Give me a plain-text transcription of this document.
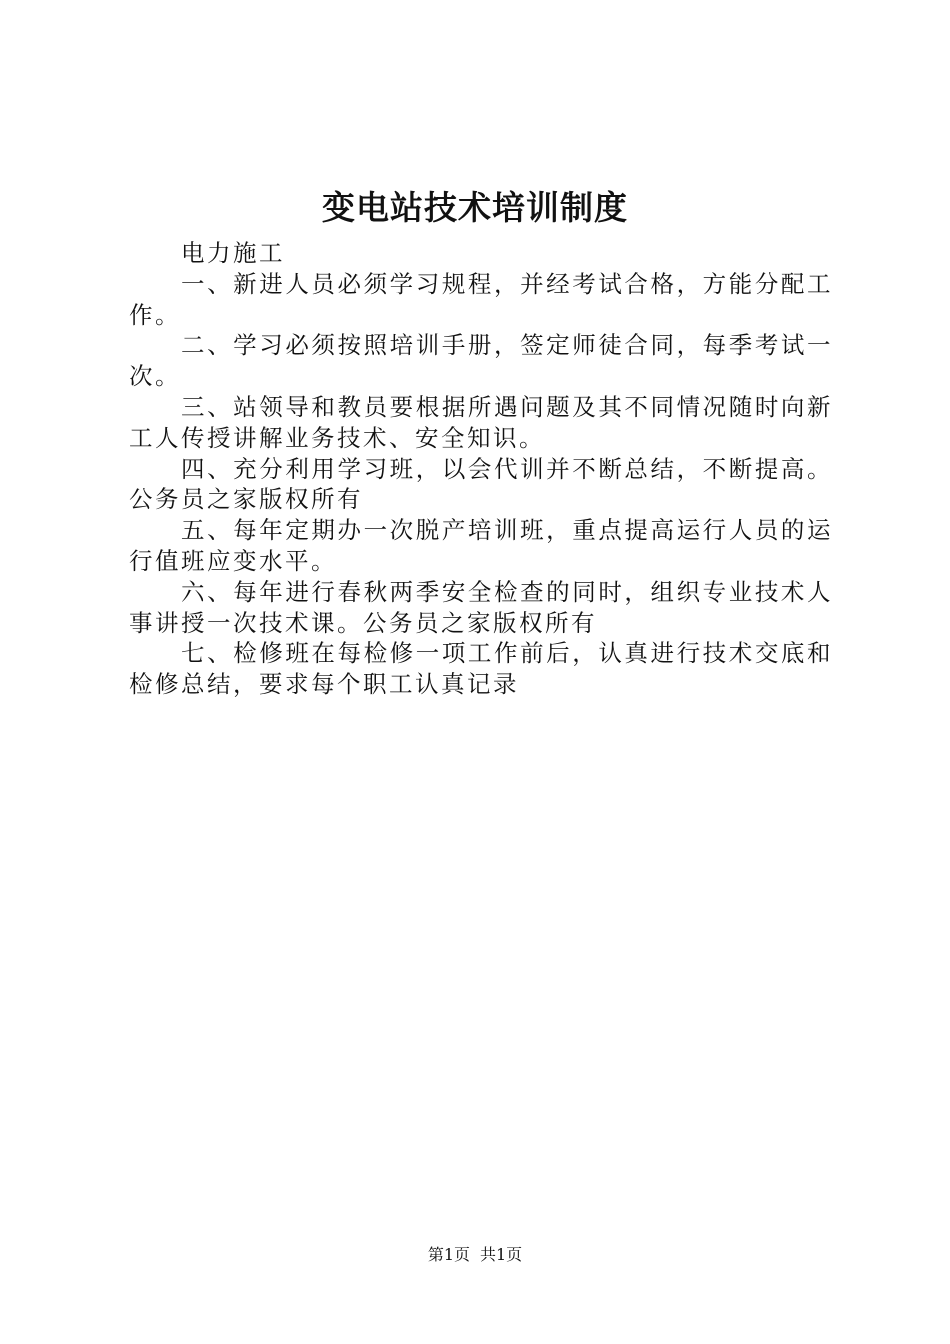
变电站技术培训制度

电力施工

一、新进人员必须学习规程，并经考试合格，方能分配工作。

二、学习必须按照培训手册，签定师徒合同，每季考试一次。

三、站领导和教员要根据所遇问题及其不同情况随时向新工人传授讲解业务技术、安全知识。

四、充分利用学习班，以会代训并不断总结，不断提高。公务员之家版权所有

五、每年定期办一次脱产培训班，重点提高运行人员的运行值班应变水平。

六、每年进行春秋两季安全检查的同时，组织专业技术人事讲授一次技术课。公务员之家版权所有

七、检修班在每检修一项工作前后，认真进行技术交底和检修总结，要求每个职工认真记录

第1页 共1页
